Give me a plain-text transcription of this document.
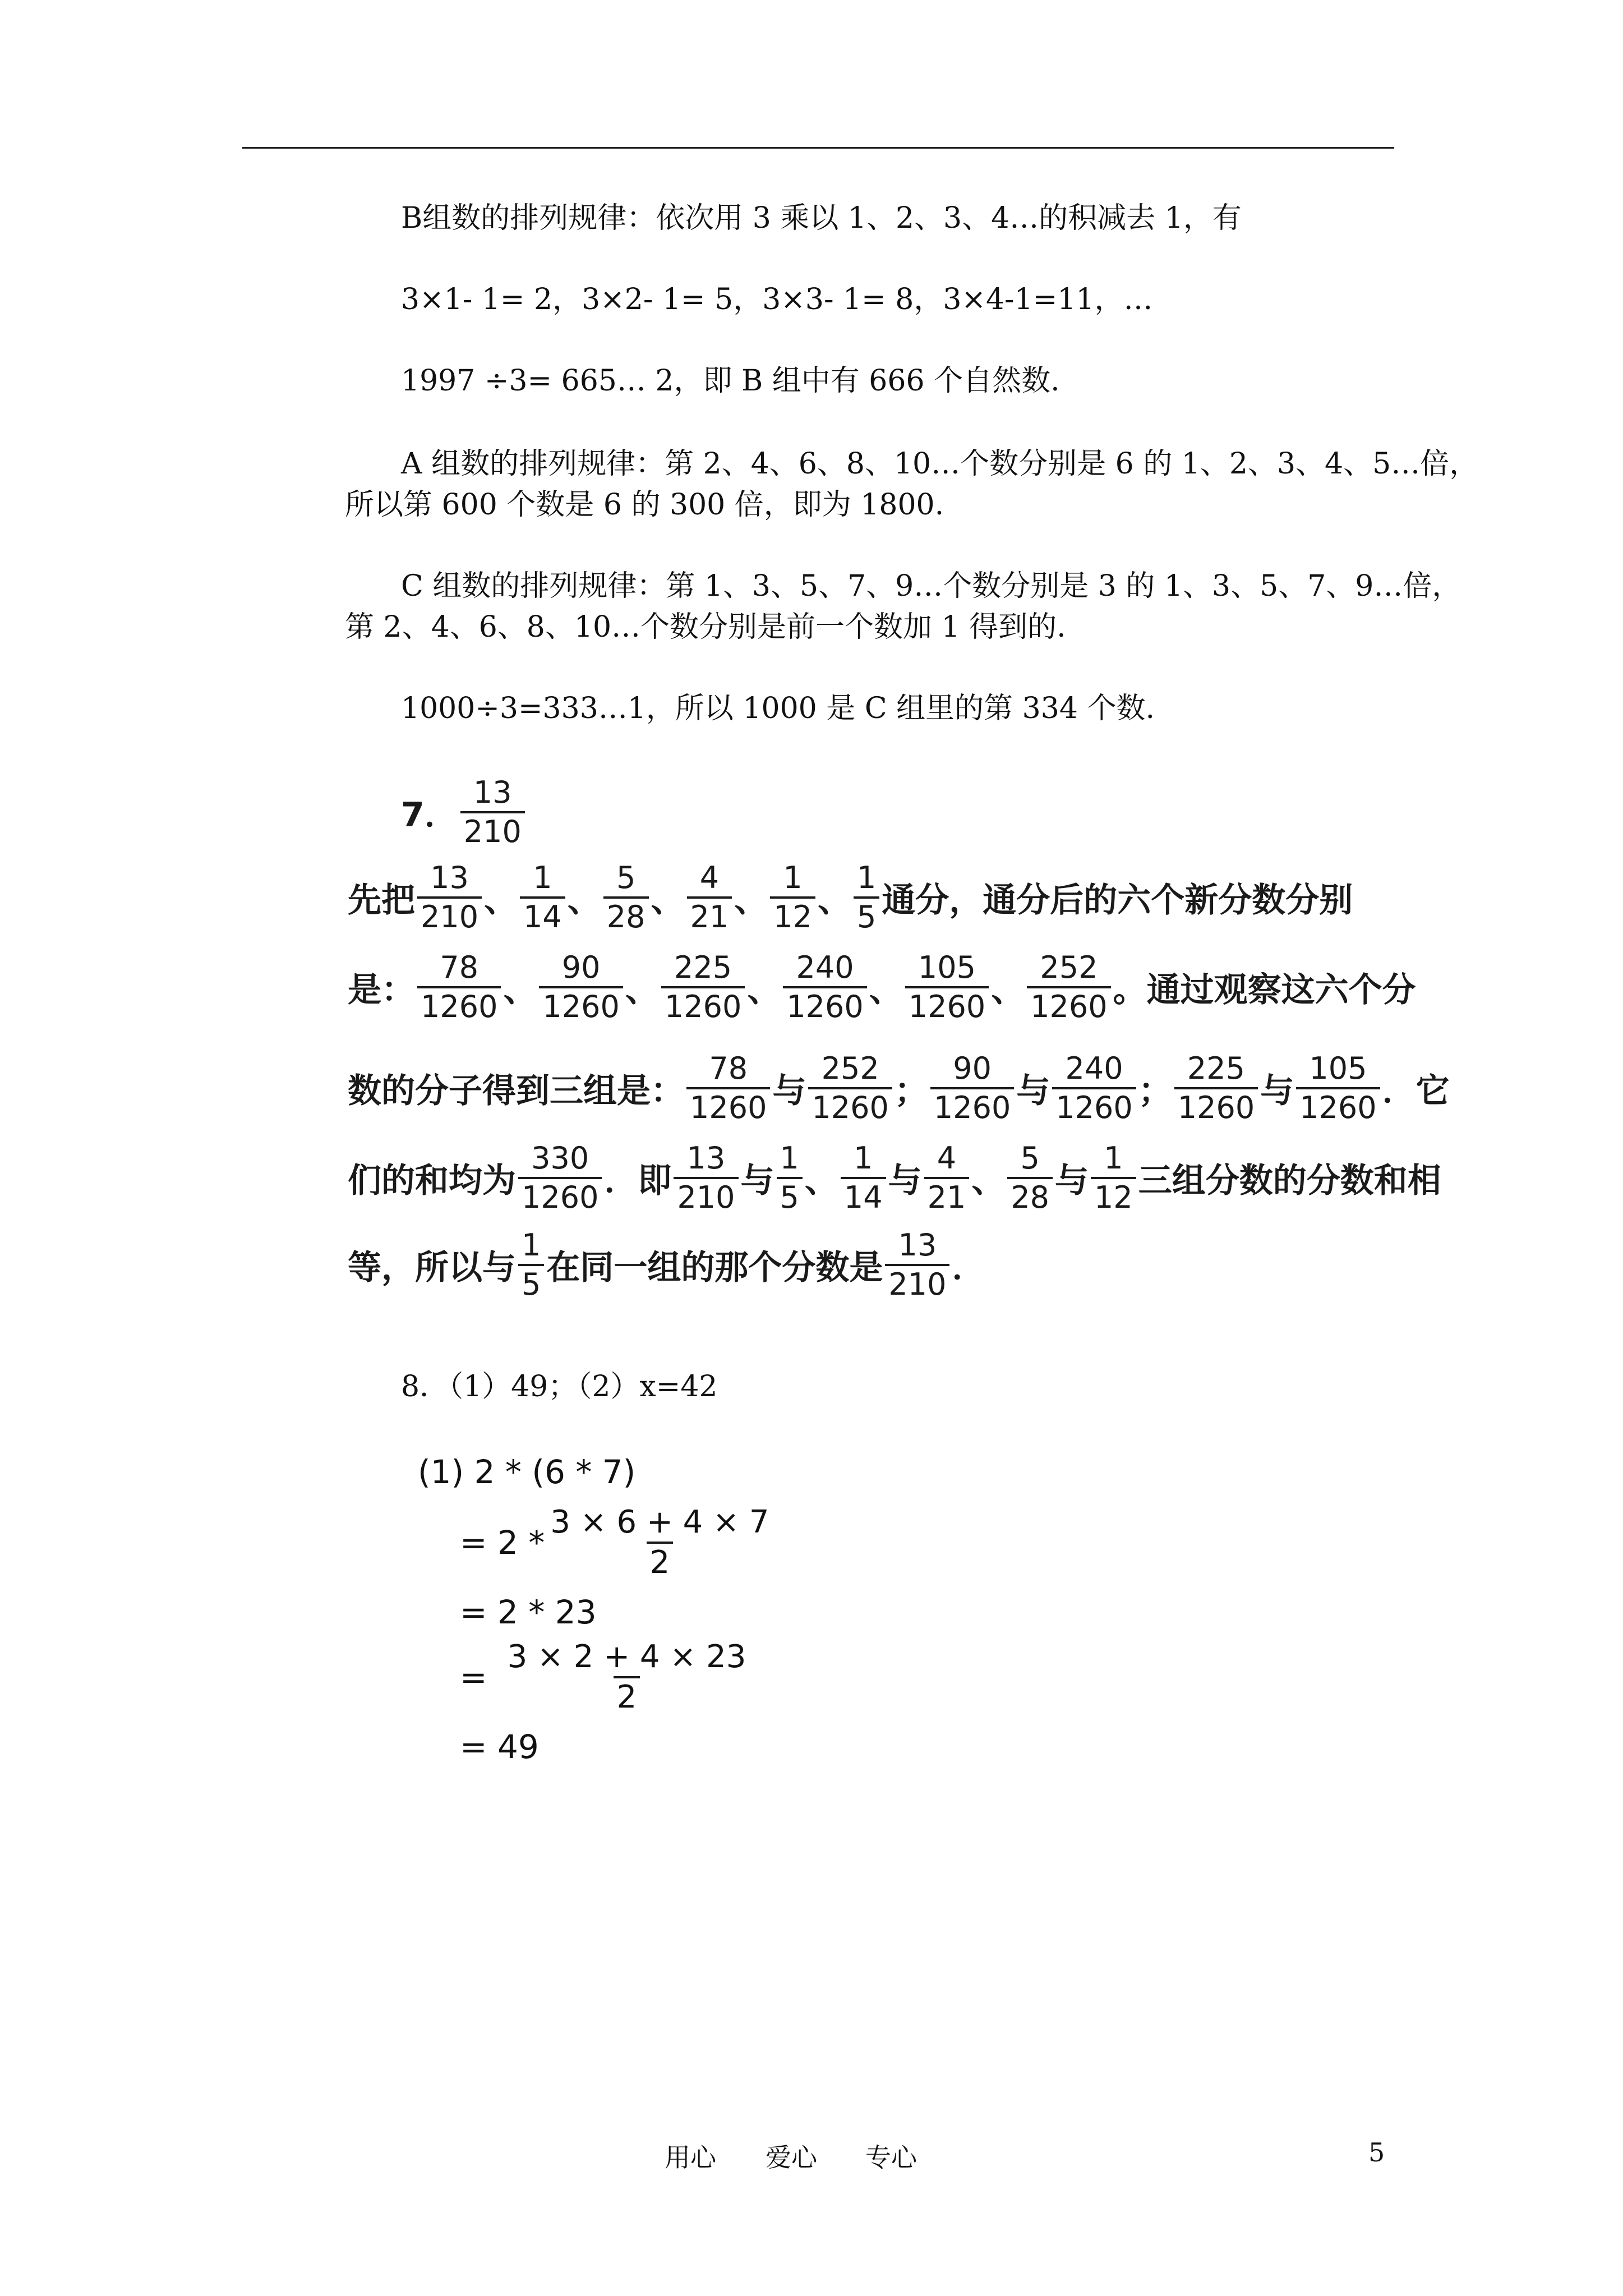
B组数的排列规律：依次用 3 乘以 1、2、3、4…的积减去 1，有
3×1- 1= 2，3×2- 1= 5，3×3- 1= 8，3×4-1=11，…
1997 ÷3= 665… 2，即 B 组中有 666 个自然数.
A 组数的排列规律：第 2、4、6、8、10…个数分别是 6 的 1、2、3、4、5…倍，
所以第 600 个数是 6 的 300 倍，即为 1800.
C 组数的排列规律：第 1、3、5、7、9…个数分别是 3 的 1、3、5、7、9…倍，
第 2、4、6、8、10…个数分别是前一个数加 1 得到的.
1000÷3=333…1，所以 1000 是 C 组里的第 334 个数.
7． $\frac{13}{210}$
先把 $\frac{13}{210}$ 、 $\frac{1}{14}$ 、 $\frac{5}{28}$ 、 $\frac{4}{21}$ 、 $\frac{1}{12}$ 、 $\frac{1}{5}$ 通分，通分后的六个新分数分别
是： $\frac{78}{1260}$ 、 $\frac{90}{1260}$ 、 $\frac{225}{1260}$ 、 $\frac{240}{1260}$ 、 $\frac{105}{1260}$ 、 $\frac{252}{1260}$ 。通过观察这六个分
数的分子得到三组是： $\frac{78}{1260}$ 与 $\frac{252}{1260}$ ； $\frac{90}{1260}$ 与 $\frac{240}{1260}$ ； $\frac{225}{1260}$ 与 $\frac{105}{1260}$ ．它
们的和均为 $\frac{330}{1260}$ ．即 $\frac{13}{210}$ 与 $\frac{1}{5}$ 、 $\frac{1}{14}$ 与 $\frac{4}{21}$ 、 $\frac{5}{28}$ 与 $\frac{1}{12}$ 三组分数的分数和相
等，所以与 $\frac{1}{5}$ 在同一组的那个分数是 $\frac{13}{210}$ ．
8．（1）49；（2）x=42
(1) 2 * (6 * 7)
= $2 * \frac{3 \times 6 + 4 \times 7}{2}$
= 2 * 23
= $\frac{3 \times 2 + 4 \times 23}{2}$
= 49
用心 爱心 专心	5
